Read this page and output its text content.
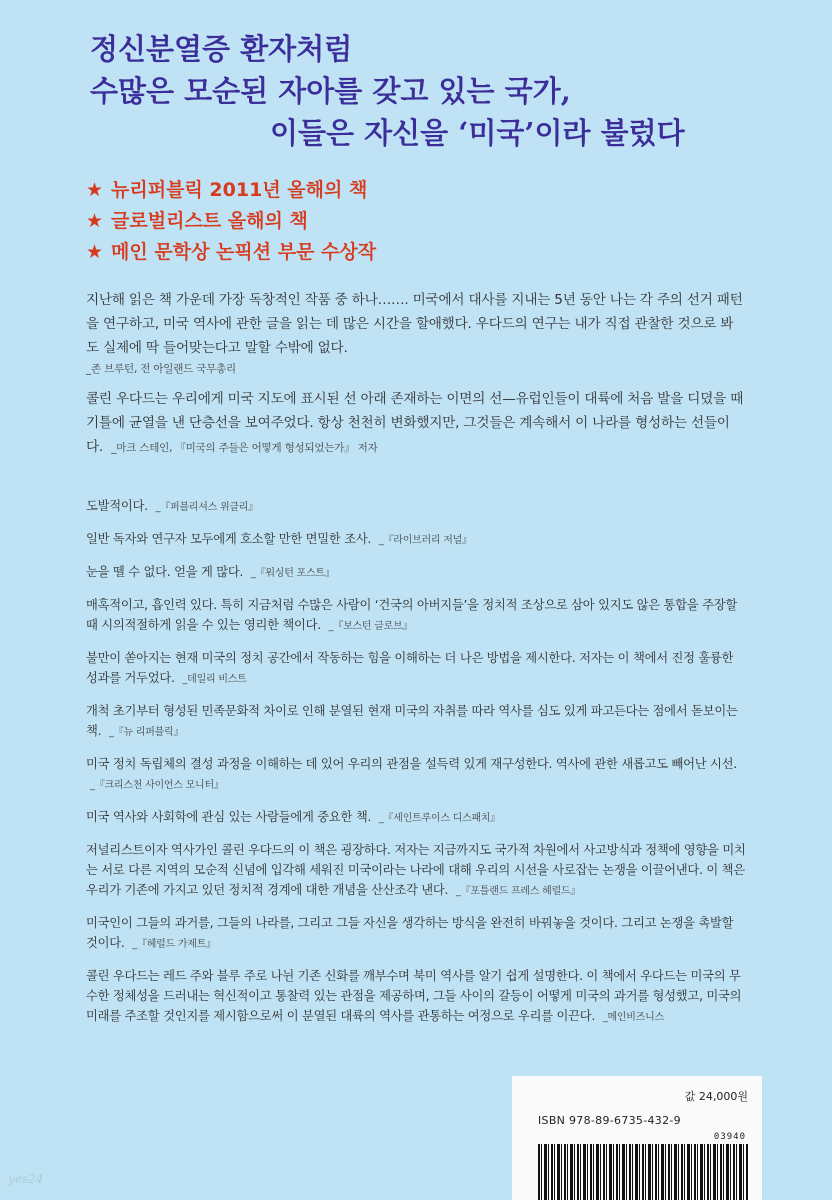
정신분열증 환자처럼
수많은 모순된 자아를 갖고 있는 국가,
이들은 자신을 ‘미국’이라 불렀다
★ 뉴리퍼블릭 2011년 올해의 책
★ 글로벌리스트 올해의 책
★ 메인 문학상 논픽션 부문 수상작
지난해 읽은 책 가운데 가장 독창적인 작품 중 하나……. 미국에서 대사를 지내는 5년 동안 나는 각 주의 선거 패턴을 연구하고, 미국 역사에 관한 글을 읽는 데 많은 시간을 할애했다. 우다드의 연구는 내가 직접 관찰한 것으로 봐도 실제에 딱 들어맞는다고 말할 수밖에 없다.
_존 브루턴, 전 아일랜드 국무총리
콜린 우다드는 우리에게 미국 지도에 표시된 선 아래 존재하는 이면의 선—유럽인들이 대륙에 처음 발을 디뎠을 때 기틀에 균열을 낸 단층선을 보여주었다. 항상 천천히 변화했지만, 그것들은 계속해서 이 나라를 형성하는 선들이다. _마크 스테인, 『미국의 주들은 어떻게 형성되었는가』 저자

도발적이다. _『퍼블리셔스 위클리』

일반 독자와 연구자 모두에게 호소할 만한 면밀한 조사. _『라이브러리 저널』

눈을 뗄 수 없다. 얻을 게 많다. _『워싱턴 포스트』

매혹적이고, 흡인력 있다. 특히 지금처럼 수많은 사람이 ‘건국의 아버지들’을 정치적 조상으로 삼아 있지도 않은 통합을 주장할 때 시의적절하게 읽을 수 있는 영리한 책이다. _『보스턴 글로브』

불만이 쏟아지는 현재 미국의 정치 공간에서 작동하는 힘을 이해하는 더 나은 방법을 제시한다. 저자는 이 책에서 진정 훌륭한 성과를 거두었다. _데일리 비스트

개척 초기부터 형성된 민족문화적 차이로 인해 분열된 현재 미국의 자취를 따라 역사를 심도 있게 파고든다는 점에서 돋보이는 책. _『뉴 리퍼블릭』

미국 정치 독립체의 결성 과정을 이해하는 데 있어 우리의 관점을 설득력 있게 재구성한다. 역사에 관한 새롭고도 빼어난 시선. _『크리스천 사이언스 모니터』

미국 역사와 사회학에 관심 있는 사람들에게 중요한 책. _『세인트루이스 디스패치』

저널리스트이자 역사가인 콜린 우다드의 이 책은 굉장하다. 저자는 지금까지도 국가적 차원에서 사고방식과 정책에 영향을 미치는 서로 다른 지역의 모순적 신념에 입각해 세워진 미국이라는 나라에 대해 우리의 시선을 사로잡는 논쟁을 이끌어낸다. 이 책은 우리가 기존에 가지고 있던 정치적 경계에 대한 개념을 산산조각 낸다. _『포틀랜드 프레스 헤럴드』

미국인이 그들의 과거를, 그들의 나라를, 그리고 그들 자신을 생각하는 방식을 완전히 바꿔놓을 것이다. 그리고 논쟁을 촉발할 것이다. _『헤럴드 가제트』

콜린 우다드는 레드 주와 블루 주로 나뉜 기존 신화를 깨부수며 북미 역사를 알기 쉽게 설명한다. 이 책에서 우다드는 미국의 무수한 정체성을 드러내는 혁신적이고 통찰력 있는 관점을 제공하며, 그들 사이의 갈등이 어떻게 미국의 과거를 형성했고, 미국의 미래를 주조할 것인지를 제시함으로써 이 분열된 대륙의 역사를 관통하는 여정으로 우리를 이끈다. _메인비즈니스

값 24,000원
ISBN 978-89-6735-432-9
03940
yes24
